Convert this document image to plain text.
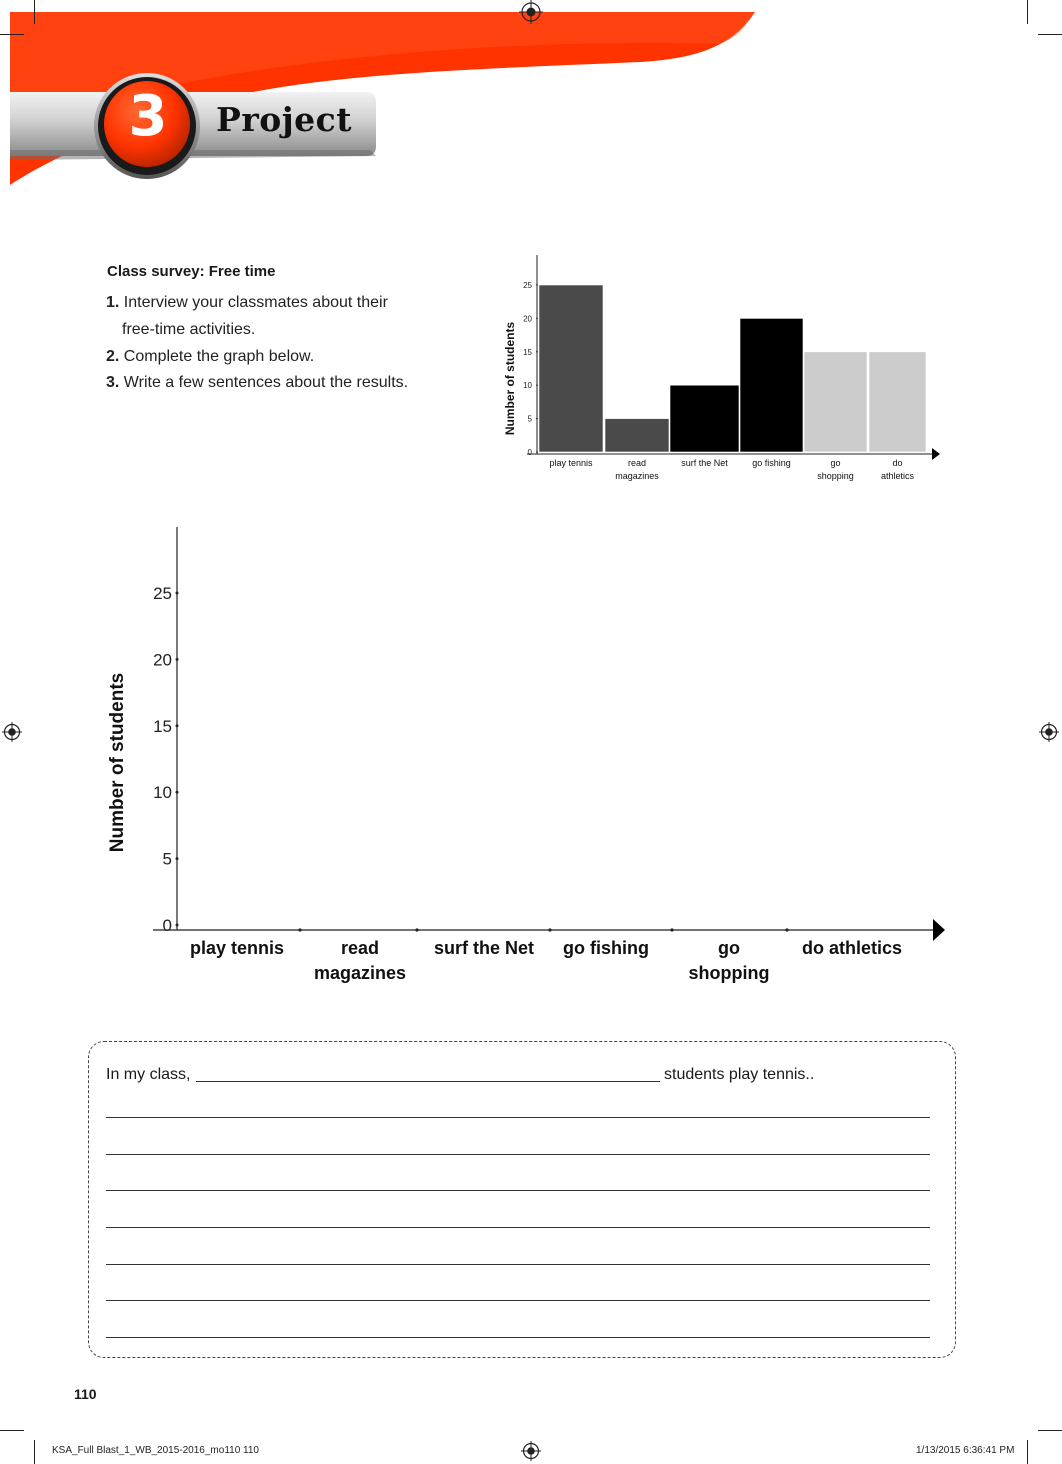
3	Project
Class survey: Free time
1. Interview your classmates about their
free-time activities.
2. Complete the graph below.
3. Write a few sentences about the results.
0
5
10
15
20
25
Number of students
play tennis	read
magazines
surf the Net	go fishing	go
shopping
do
athletics
0
5
10
15
20
25
Number of students
play tennis	read
magazines
surf the Net go fishing	go
shopping
do athletics
In my class,	students play tennis..
110
KSA_Full Blast_1_WB_2015-2016_mo110 110	1/13/2015 6:36:41 PM
